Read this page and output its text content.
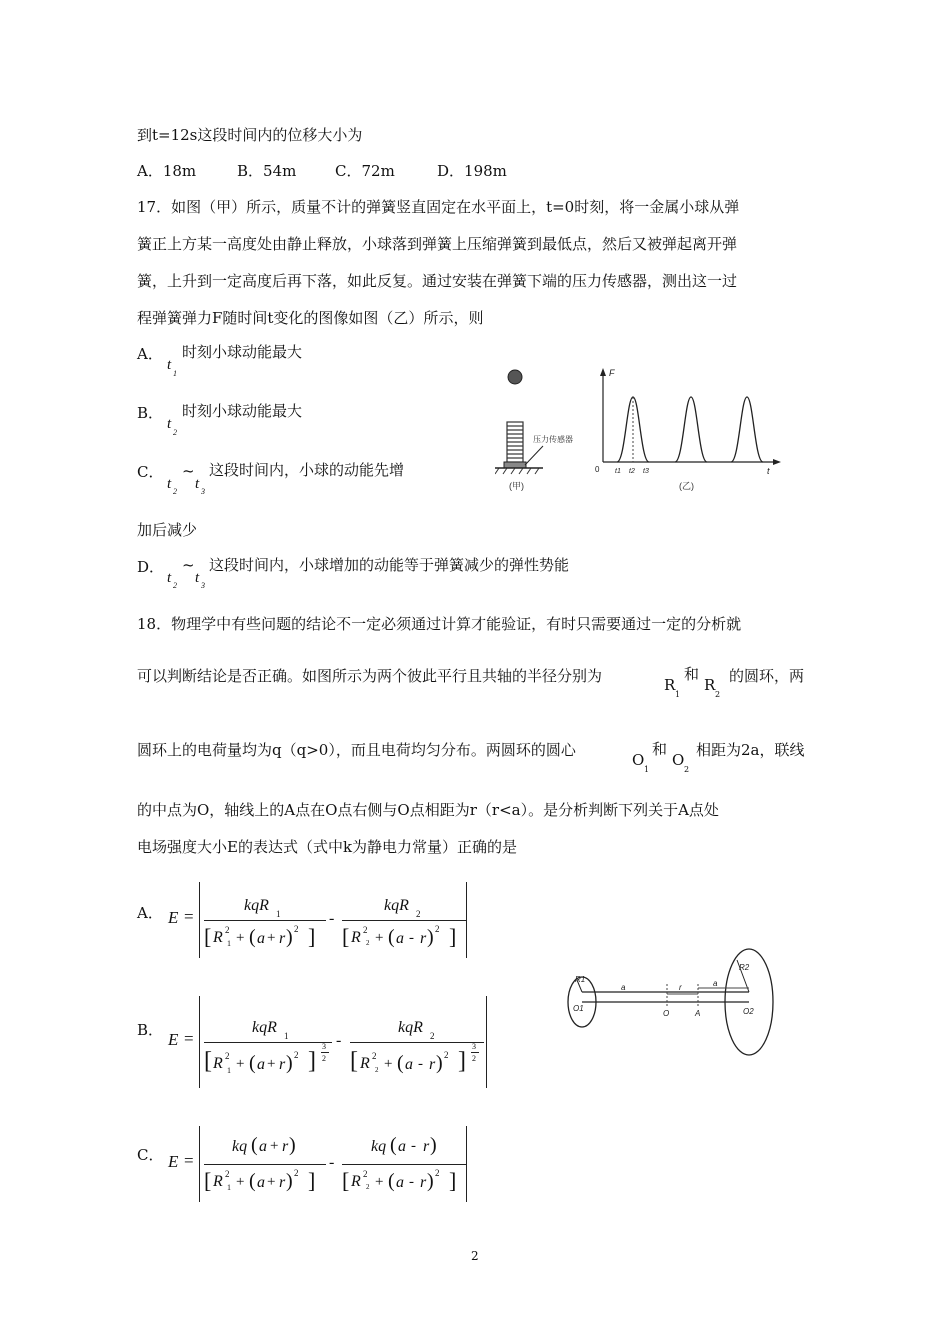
到t=12s这段时间内的位移大小为
A．18m	B．54m	C．72m	D．198m
17．如图（甲）所示，质量不计的弹簧竖直固定在水平面上，t=0时刻，将一金属小球从弹
簧正上方某一高度处由静止释放，小球落到弹簧上压缩弹簧到最低点，然后又被弹起离开弹
簧，上升到一定高度后再下落，如此反复。通过安装在弹簧下端的压力传感器，测出这一过
程弹簧弹力F随时间t变化的图像如图（乙）所示，则
A．
t
1
时刻小球动能最大
B．
t
2
时刻小球动能最大
C．
t 2
~
t 3
这段时间内，小球的动能先增
加后减少
D．
t 2
~
t 3
这段时间内，小球增加的动能等于弹簧减少的弹性势能
压力传感器
(甲)
F
t
0 t1 t2 t3
(乙)
18．物理学中有些问题的结论不一定必须通过计算才能验证，有时只需要通过一定的分析就
可以判断结论是否正确。如图所示为两个彼此平行且共轴的半径分别为	R
1
和
R
2
的圆环，两
圆环上的电荷量均为q（q>0），而且电荷均匀分布。两圆环的圆心
O
1
和
O
2
相距为2a，联线
的中点为O，轴线上的A点在O点右侧与O点相距为r（r<a）。是分析判断下列关于A点处
电场强度大小E的表达式（式中k为静电力常量）正确的是
A． E =
kqR 1
[ R 2
1 + ( a + r ) 2 ]
-
kqR 2
[ R 2
2 + ( a - r ) 2 ]
B． E =
kqR 1
[ R 2
1 + ( a + r ) 2 ]
3
2
-
kqR 2
[ R 2
2 + ( a - r ) 2 ]
3
2
C． E =
kq ( a + r )
[ R 2
1 + ( a + r ) 2 ]
-
kq ( a - r )
[ R 2
2 + ( a - r ) 2 ]
R1
O1
a
O
r
A
a
R2
O2
2
